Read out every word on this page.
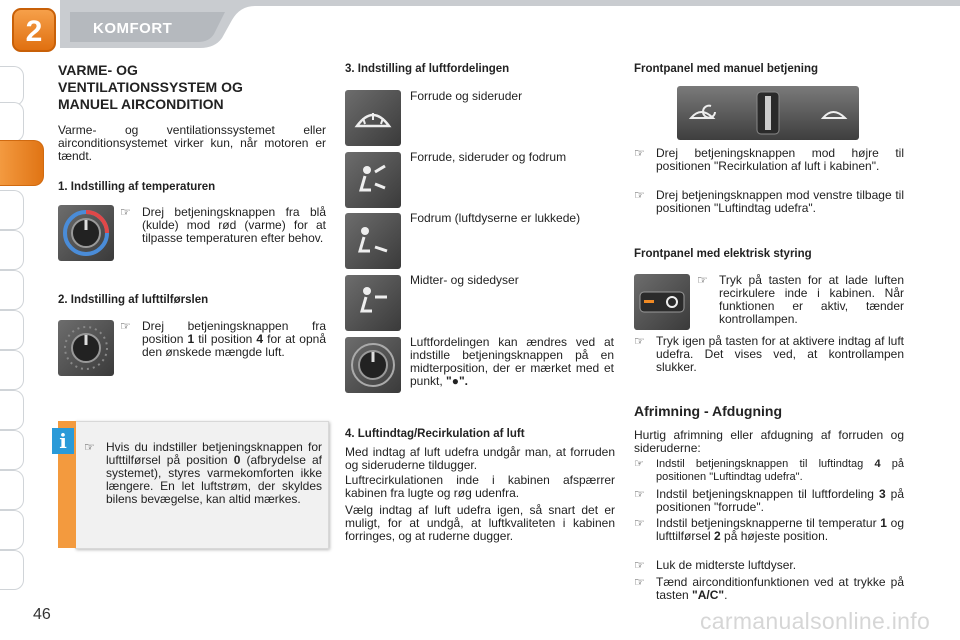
2	KOMFORT
VARME- OG
VENTILATIONSSYSTEM OG
MANUEL AIRCONDITION
Varme- og ventilationssystemet eller airconditionsystemet virker kun, når motoren er tændt.
1. Indstilling af temperaturen
☞ Drej betjeningsknappen fra blå (kulde) mod rød (varme) for at tilpasse temperaturen efter behov.
2. Indstilling af lufttilførslen
☞ Drej betjeningsknappen fra position 1 til position 4 for at opnå den ønskede mængde luft.
i	☞ Hvis du indstiller betjeningsknappen for lufttilførsel på position 0 (afbrydelse af systemet), styres varmekomforten ikke længere. En let luftstrøm, der skyldes bilens bevægelse, kan altid mærkes.
46
3. Indstilling af luftfordelingen
Forrude og sideruder
Forrude, sideruder og fodrum
Fodrum (luftdyserne er lukkede)
Midter- og sidedyser
Luftfordelingen kan ændres ved at indstille betjeningsknappen på en midterposition, der er mærket med et punkt, "●".
4. Luftindtag/Recirkulation af luft
Med indtag af luft udefra undgår man, at forruden og sideruderne tildugger.
Luftrecirkulationen inde i kabinen afspærrer kabinen fra lugte og røg udenfra.
Vælg indtag af luft udefra igen, så snart det er muligt, for at undgå, at luftkvaliteten i kabinen forringes, og at ruderne dugger.
Frontpanel med manuel betjening
☞ Drej betjeningsknappen mod højre til positionen "Recirkulation af luft i kabinen".
☞ Drej betjeningsknappen mod venstre tilbage til positionen "Luftindtag udefra".
Frontpanel med elektrisk styring
☞ Tryk på tasten for at lade luften recirkulere inde i kabinen. Når funktionen er aktiv, tænder kontrollampen.
☞ Tryk igen på tasten for at aktivere indtag af luft udefra. Det vises ved, at kontrollampen slukker.
Afrimning - Afdugning
Hurtig afrimning eller afdugning af forruden og sideruderne:
☞ Indstil betjeningsknappen til luftindtag 4 på positionen "Luftindtag udefra".
☞ Indstil betjeningsknappen til luftfordeling 3 på positionen "forrude".
☞ Indstil betjeningsknapperne til temperatur 1 og lufttilførsel 2 på højeste position.
☞ Luk de midterste luftdyser.
☞ Tænd airconditionfunktionen ved at trykke på tasten "A/C".
carmanualsonline.info
